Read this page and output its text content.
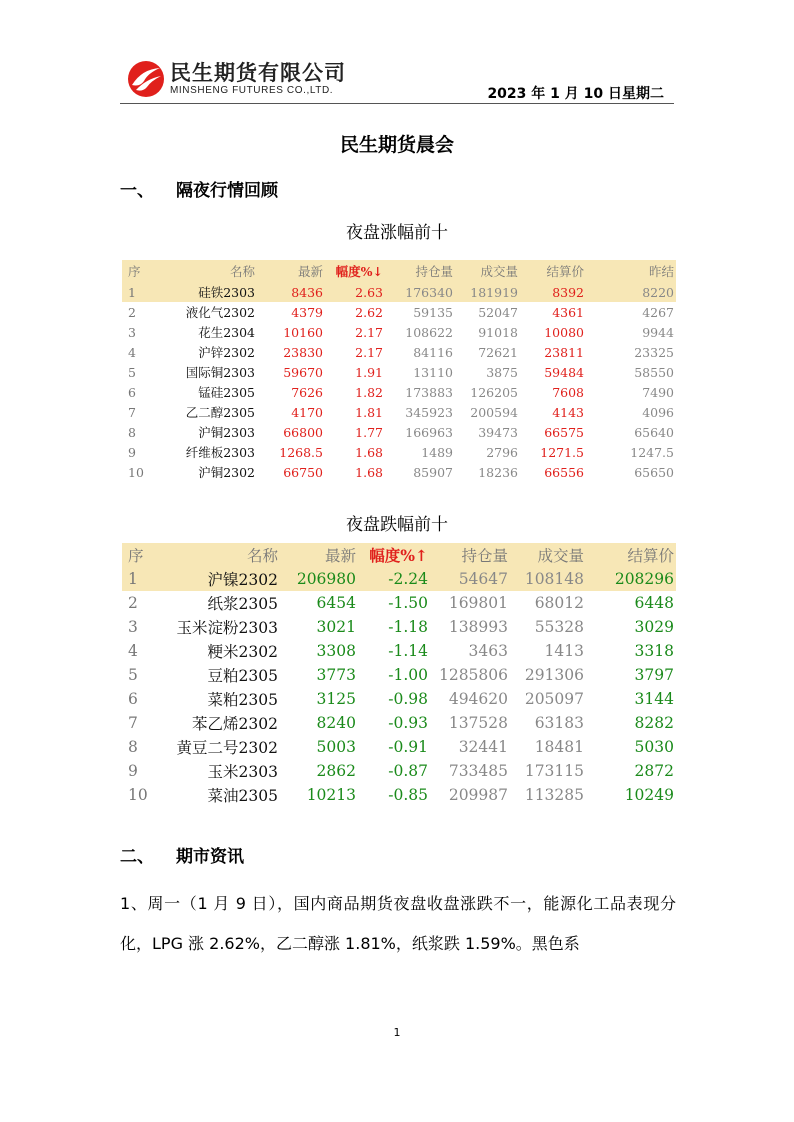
民生期货有限公司
MINSHENG FUTURES CO.,LTD.	2023 年 1 月 10 日星期二
民生期货晨会
一、 隔夜行情回顾
夜盘涨幅前十
序	名称	最新	幅度%↓	持仓量	成交量	结算价	昨结
1	硅铁2303	8436	2.63	176340	181919	8392	8220
2	液化气2302	4379	2.62	59135	52047	4361	4267
3	花生2304	10160	2.17	108622	91018	10080	9944
4	沪锌2302	23830	2.17	84116	72621	23811	23325
5	国际铜2303	59670	1.91	13110	3875	59484	58550
6	锰硅2305	7626	1.82	173883	126205	7608	7490
7	乙二醇2305	4170	1.81	345923	200594	4143	4096
8	沪铜2303	66800	1.77	166963	39473	66575	65640
9	纤维板2303	1268.5	1.68	1489	2796	1271.5	1247.5
10	沪铜2302	66750	1.68	85907	18236	66556	65650
夜盘跌幅前十
序	名称	最新	幅度%↑	持仓量	成交量	结算价
1	沪镍2302	206980	-2.24	54647	108148	208296
2	纸浆2305	6454	-1.50	169801	68012	6448
3	玉米淀粉2303	3021	-1.18	138993	55328	3029
4	粳米2302	3308	-1.14	3463	1413	3318
5	豆粕2305	3773	-1.00	1285806	291306	3797
6	菜粕2305	3125	-0.98	494620	205097	3144
7	苯乙烯2302	8240	-0.93	137528	63183	8282
8	黄豆二号2302	5003	-0.91	32441	18481	5030
9	玉米2303	2862	-0.87	733485	173115	2872
10	菜油2305	10213	-0.85	209987	113285	10249
二、 期市资讯
1、周一（1 月 9 日），国内商品期货夜盘收盘涨跌不一，能源化工品表现分化，LPG 涨 2.62%，乙二醇涨 1.81%，纸浆跌 1.59%。黑色系
1
